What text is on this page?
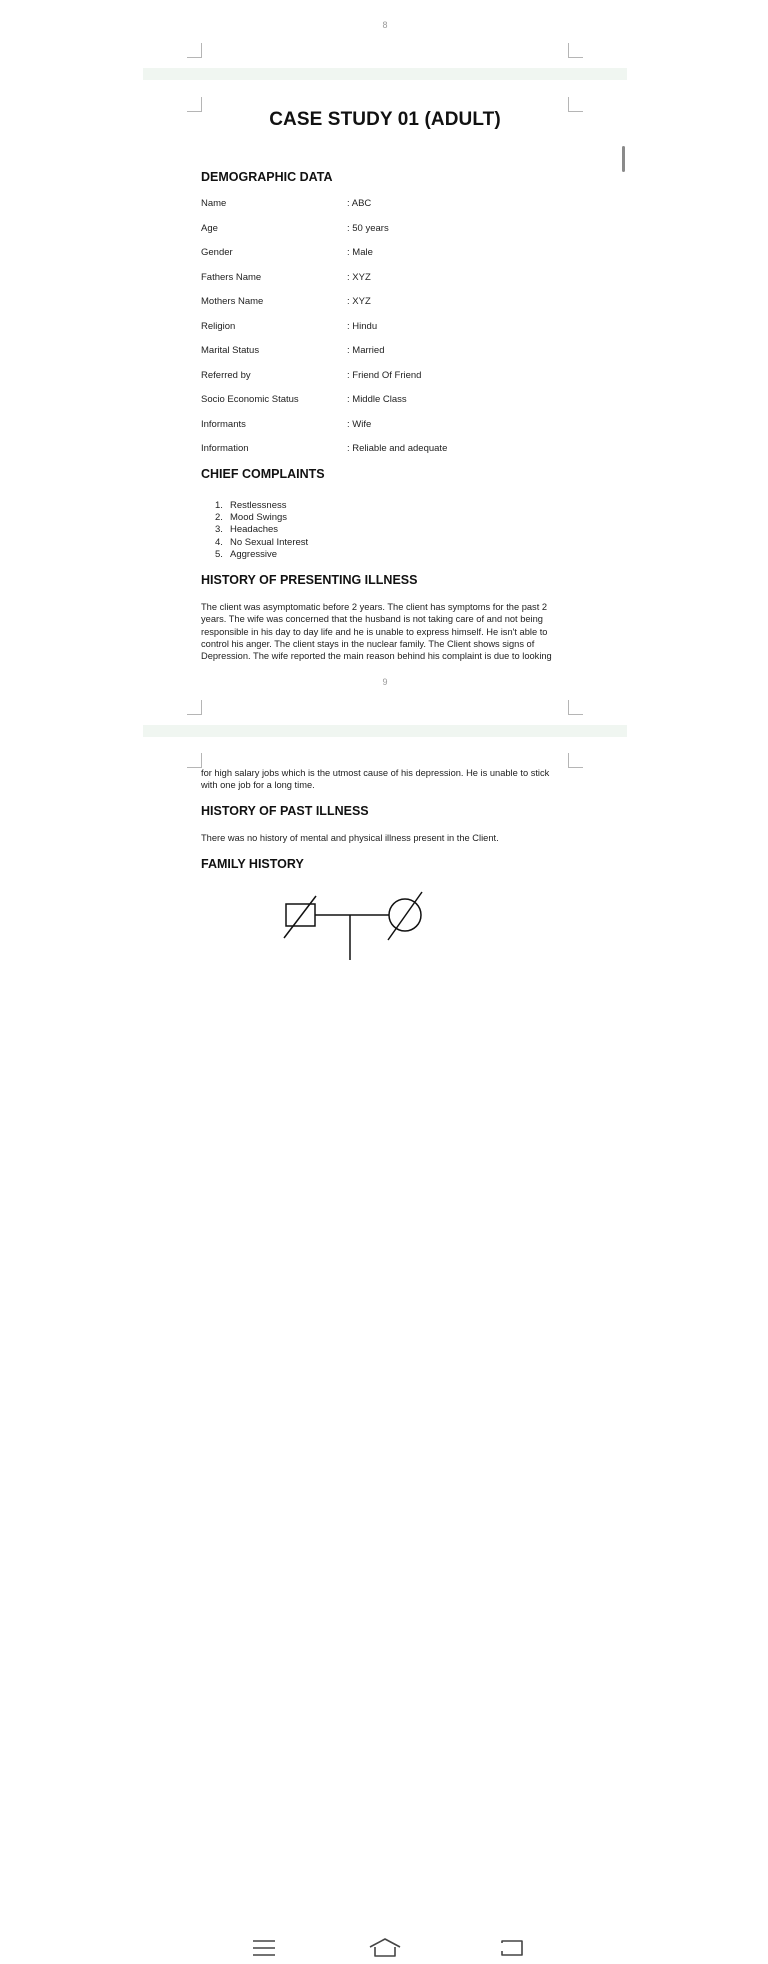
8
CASE STUDY 01 (ADULT)
DEMOGRAPHIC DATA
Name	: ABC
Age	: 50 years
Gender	: Male
Fathers Name	: XYZ
Mothers Name	: XYZ
Religion	: Hindu
Marital Status	: Married
Referred by	: Friend Of Friend
Socio Economic Status	: Middle Class
Informants	: Wife
Information	: Reliable and adequate
CHIEF COMPLAINTS
1. Restlessness
2. Mood Swings
3. Headaches
4. No Sexual Interest
5. Aggressive
HISTORY OF PRESENTING ILLNESS
The client was asymptomatic before 2 years. The client has symptoms for the past 2
years. The wife was concerned that the husband is not taking care of and not being
responsible in his day to day life and he is unable to express himself. He isn't able to
control his anger. The client stays in the nuclear family. The Client shows signs of
Depression. The wife reported the main reason behind his complaint is due to looking
9
for high salary jobs which is the utmost cause of his depression. He is unable to stick
with one job for a long time.
HISTORY OF PAST ILLNESS
There was no history of mental and physical illness present in the Client.
FAMILY HISTORY
